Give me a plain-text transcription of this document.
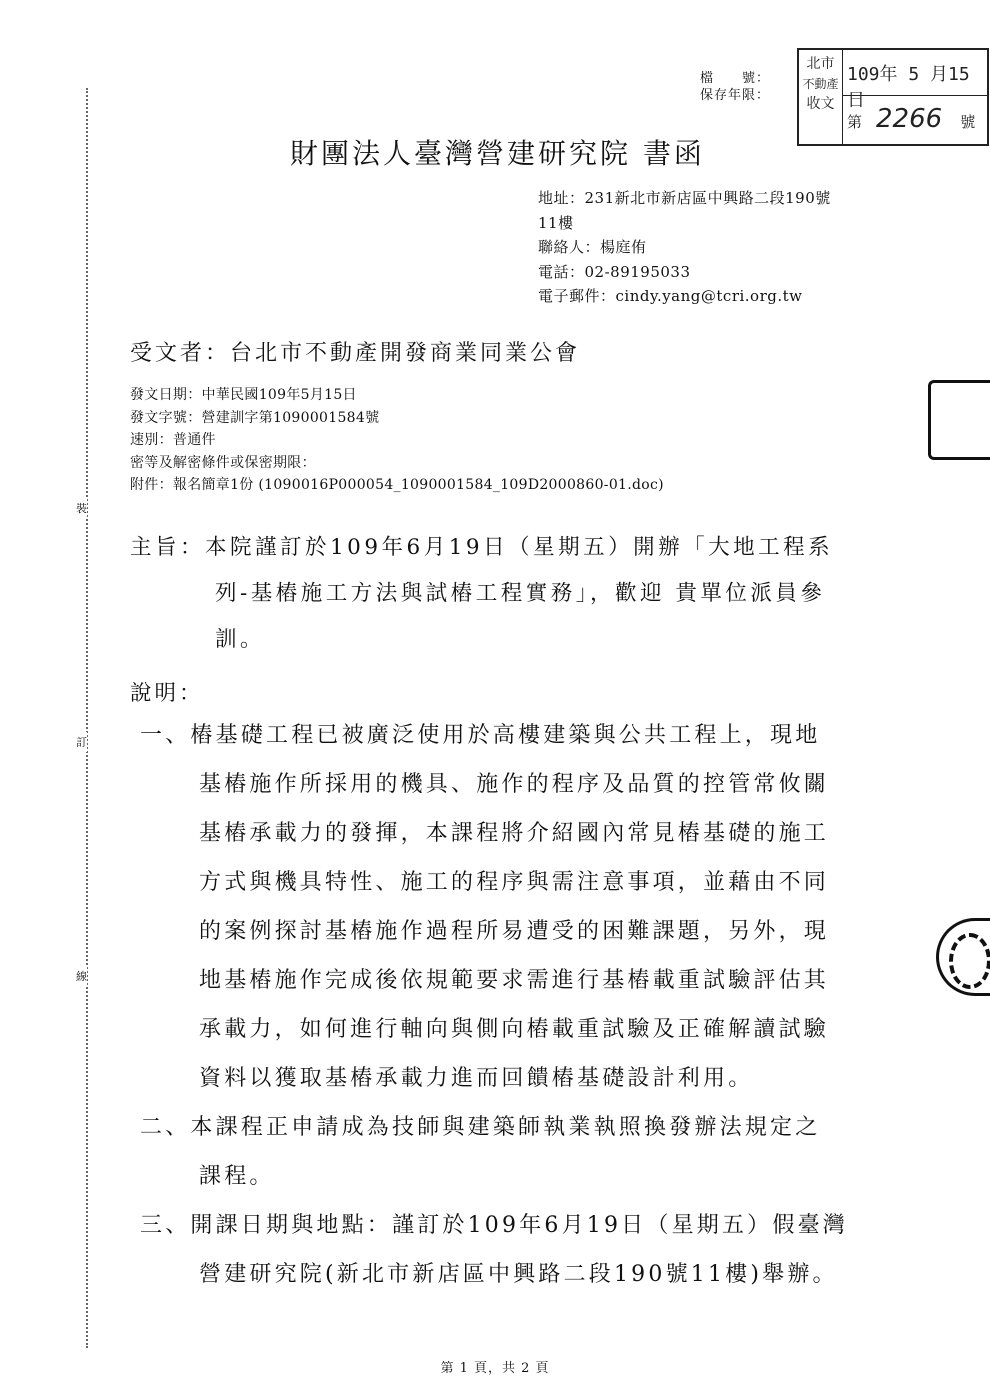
裝
訂
線
檔　　號：
保存年限：
北市
不動產
收文
109年 5 月15日
第 2266 號
財團法人臺灣營建研究院 書函
地址：231新北市新店區中興路二段190號
11樓
聯絡人：楊庭侑
電話：02-89195033
電子郵件：cindy.yang@tcri.org.tw
受文者：台北市不動產開發商業同業公會
發文日期：中華民國109年5月15日
發文字號：營建訓字第1090001584號
速別：普通件
密等及解密條件或保密期限：
附件：報名簡章1份 (1090016P000054_1090001584_109D2000860-01.doc)
主旨：本院謹訂於109年6月19日（星期五）開辦「大地工程系
列-基樁施工方法與試樁工程實務」，歡迎 貴單位派員參
訓。
說明：
一、樁基礎工程已被廣泛使用於高樓建築與公共工程上，現地
基樁施作所採用的機具、施作的程序及品質的控管常攸關
基樁承載力的發揮，本課程將介紹國內常見樁基礎的施工
方式與機具特性、施工的程序與需注意事項，並藉由不同
的案例探討基樁施作過程所易遭受的困難課題，另外，現
地基樁施作完成後依規範要求需進行基樁載重試驗評估其
承載力，如何進行軸向與側向樁載重試驗及正確解讀試驗
資料以獲取基樁承載力進而回饋樁基礎設計利用。
二、本課程正申請成為技師與建築師執業執照換發辦法規定之
課程。
三、開課日期與地點：謹訂於109年6月19日（星期五）假臺灣
營建研究院(新北市新店區中興路二段190號11樓)舉辦。
第 1 頁，共 2 頁
